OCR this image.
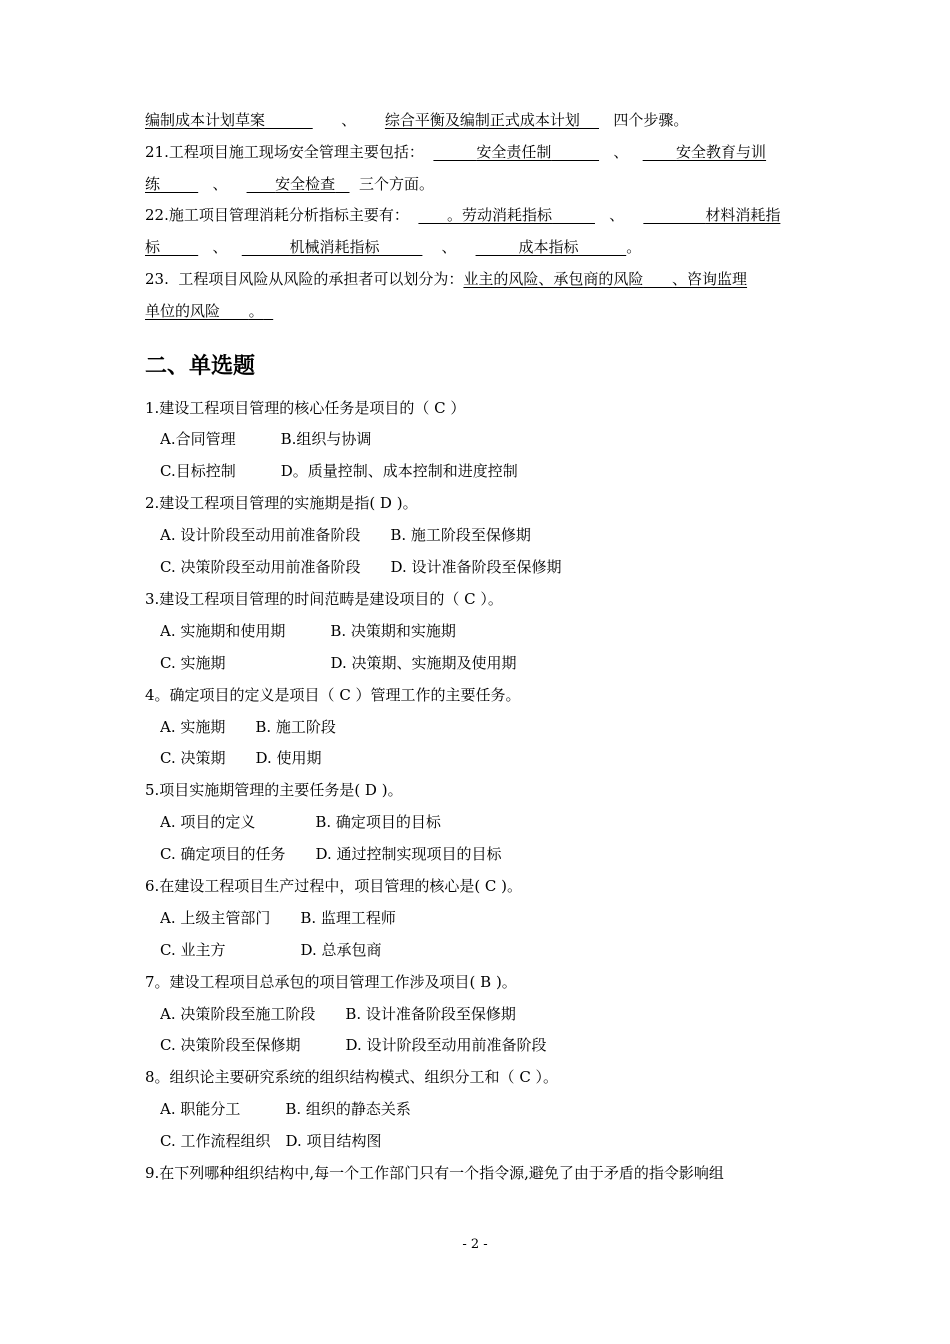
编制成本计划草案	、      综合平衡及编制正式成本计划 四个步骤。
21.工程项目施工现场安全管理主要包括：	安全责任制	、          安全教育与训
练	、          安全检查 三个方面。
22.施工项目管理消耗分析指标主要有：	。劳动消耗指标	、	材料消耗指
标	、	机械消耗指标	、	成本指标	。
23. 工程项目风险从风险的承担者可以划分为：业主的风险、承包商的风险 、咨询监理
单位的风险 。
二、单选题
1.建设工程项目管理的核心任务是项目的（ C ）
A.合同管理　　　B.组织与协调
C.目标控制　　　D。质量控制、成本控制和进度控制
2.建设工程项目管理的实施期是指( D )。
A. 设计阶段至动用前准备阶段　　B. 施工阶段至保修期
C. 决策阶段至动用前准备阶段　　D. 设计准备阶段至保修期
3.建设工程项目管理的时间范畴是建设项目的（ C ）。
A. 实施期和使用期　　　B. 决策期和实施期
C. 实施期　　　　　　　D. 决策期、实施期及使用期
4。确定项目的定义是项目（ C ）管理工作的主要任务。
A. 实施期　　B. 施工阶段
C. 决策期　　D. 使用期
5.项目实施期管理的主要任务是( D )。
A. 项目的定义　　　　B. 确定项目的目标
C. 确定项目的任务　　D. 通过控制实现项目的目标
6.在建设工程项目生产过程中，项目管理的核心是( C )。
A. 上级主管部门　　B. 监理工程师
C. 业主方　　　　　D. 总承包商
7。建设工程项目总承包的项目管理工作涉及项目( B )。
A. 决策阶段至施工阶段　　B. 设计准备阶段至保修期
C. 决策阶段至保修期　　　D. 设计阶段至动用前准备阶段
8。组织论主要研究系统的组织结构模式、组织分工和（ C ）。
A. 职能分工　　　B. 组织的静态关系
C. 工作流程组织　D. 项目结构图
9.在下列哪种组织结构中,每一个工作部门只有一个指令源,避免了由于矛盾的指令影响组
- 2 -
